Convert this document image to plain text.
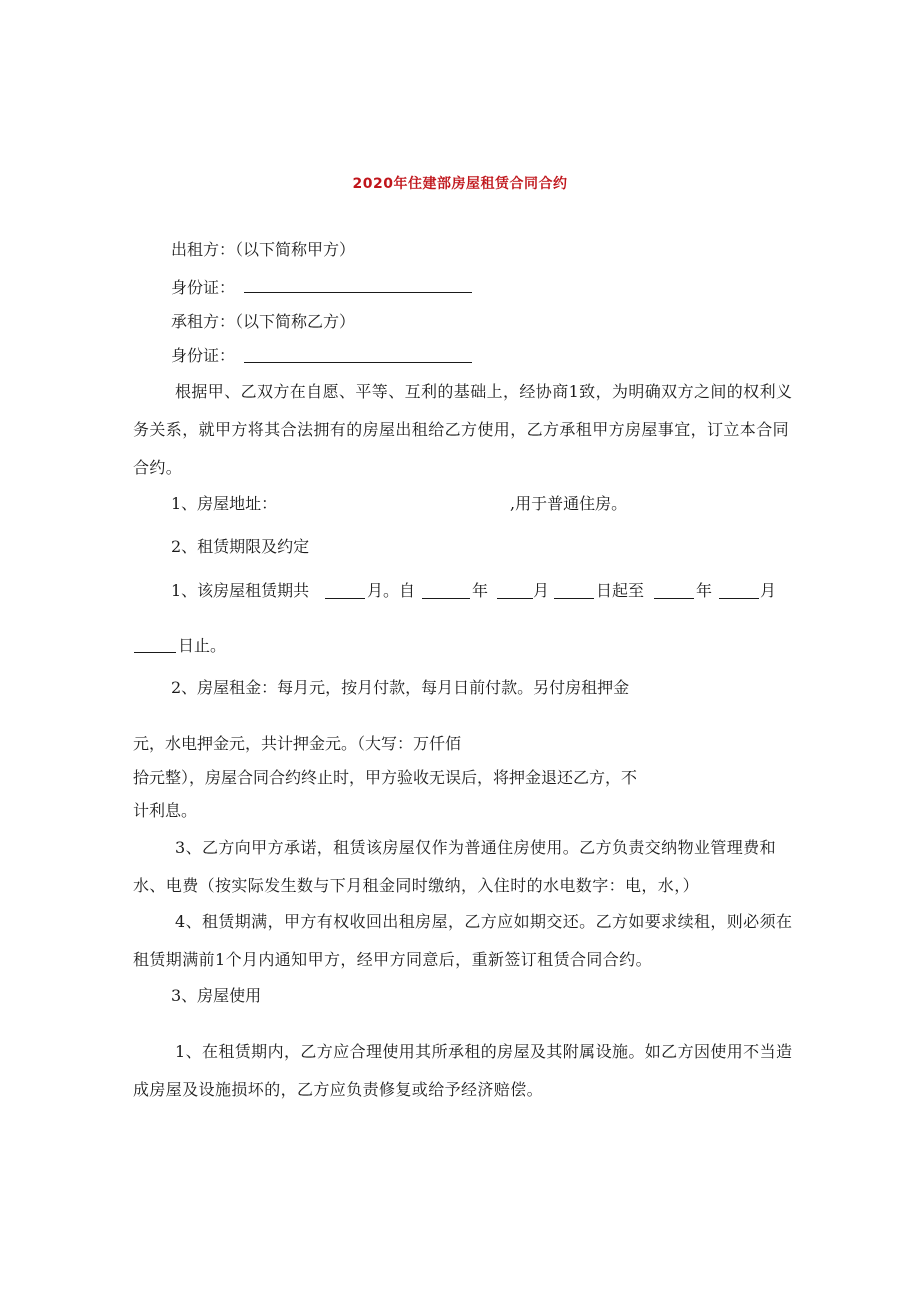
2020年住建部房屋租赁合同合约
出租方：（以下简称甲方）
身份证：
承租方：（以下简称乙方）
身份证：
根据甲、乙双方在自愿、平等、互利的基础上，经协商1致，为明确双方之间的权利义务关系，就甲方将其合法拥有的房屋出租给乙方使用，乙方承租甲方房屋事宜，订立本合同合约。
1、房屋地址：	,用于普通住房。
2、租赁期限及约定
1、该房屋租赁期共	月。自	年	月	日起至	年	月
日止。
2、房屋租金：每月元，按月付款，每月日前付款。另付房租押金
元，水电押金元，共计押金元。（大写：万仟佰
拾元整），房屋合同合约终止时，甲方验收无误后，将押金退还乙方，不
计利息。
3、乙方向甲方承诺，租赁该房屋仅作为普通住房使用。乙方负责交纳物业管理费和水、电费（按实际发生数与下月租金同时缴纳，入住时的水电数字：电，水，）
4、租赁期满，甲方有权收回出租房屋，乙方应如期交还。乙方如要求续租，则必须在租赁期满前1个月内通知甲方，经甲方同意后，重新签订租赁合同合约。
3、房屋使用
1、在租赁期内，乙方应合理使用其所承租的房屋及其附属设施。如乙方因使用不当造成房屋及设施损坏的，乙方应负责修复或给予经济赔偿。
